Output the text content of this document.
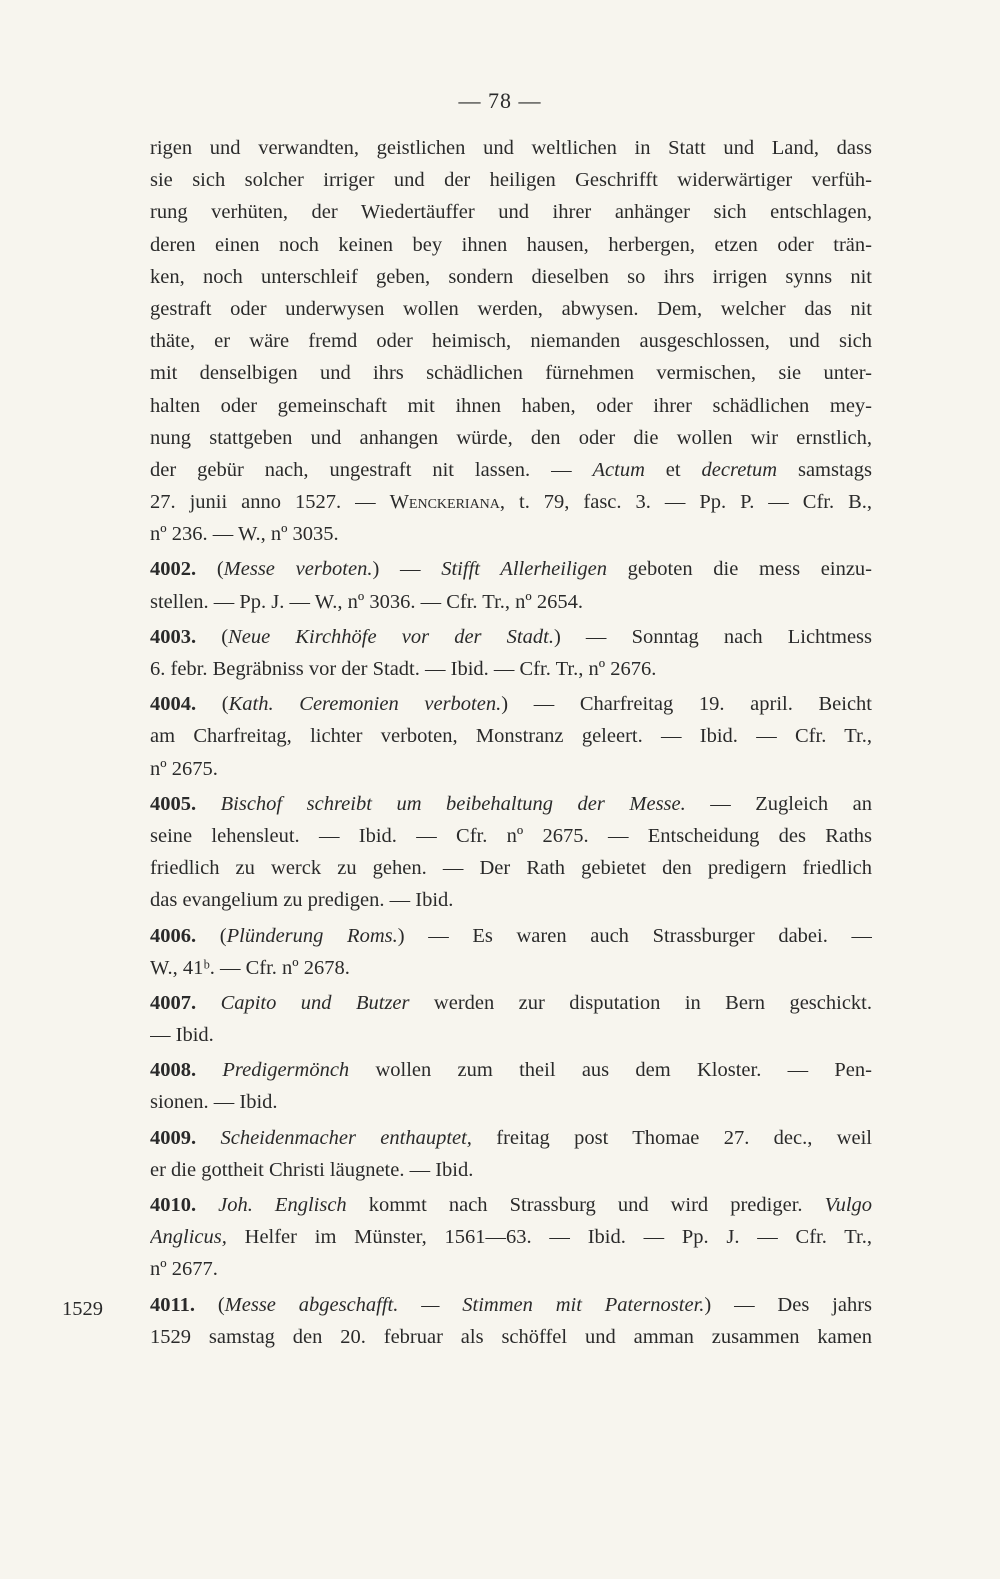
— 78 —
1529
rigen und verwandten, geistlichen und weltlichen in Statt und Land, dass
sie sich solcher irriger und der heiligen Geschrifft widerwärtiger verfüh-
rung verhüten, der Wiedertäuffer und ihrer anhänger sich entschlagen,
deren einen noch keinen bey ihnen hausen, herbergen, etzen oder trän-
ken, noch unterschleif geben, sondern dieselben so ihrs irrigen synns nit
gestraft oder underwysen wollen werden, abwysen. Dem, welcher das nit
thäte, er wäre fremd oder heimisch, niemanden ausgeschlossen, und sich
mit denselbigen und ihrs schädlichen fürnehmen vermischen, sie unter-
halten oder gemeinschaft mit ihnen haben, oder ihrer schädlichen mey-
nung stattgeben und anhangen würde, den oder die wollen wir ernstlich,
der gebür nach, ungestraft nit lassen. — Actum et decretum samstags
27. junii anno 1527. — Wenckeriana, t. 79, fasc. 3. — Pp. P. — Cfr. B.,
nº 236. — W., nº 3035.
4002. (Messe verboten.) — Stifft Allerheiligen geboten die mess einzu-
stellen. — Pp. J. — W., nº 3036. — Cfr. Tr., nº 2654.
4003. (Neue Kirchhöfe vor der Stadt.) — Sonntag nach Lichtmess
6. febr. Begräbniss vor der Stadt. — Ibid. — Cfr. Tr., nº 2676.
4004. (Kath. Ceremonien verboten.) — Charfreitag 19. april. Beicht
am Charfreitag, lichter verboten, Monstranz geleert. — Ibid. — Cfr. Tr.,
nº 2675.
4005. Bischof schreibt um beibehaltung der Messe. — Zugleich an
seine lehensleut. — Ibid. — Cfr. nº 2675. — Entscheidung des Raths
friedlich zu werck zu gehen. — Der Rath gebietet den predigern friedlich
das evangelium zu predigen. — Ibid.
4006. (Plünderung Roms.) — Es waren auch Strassburger dabei. —
W., 41ᵇ. — Cfr. nº 2678.
4007. Capito und Butzer werden zur disputation in Bern geschickt.
— Ibid.
4008. Predigermönch wollen zum theil aus dem Kloster. — Pen-
sionen. — Ibid.
4009. Scheidenmacher enthauptet, freitag post Thomae 27. dec., weil
er die gottheit Christi läugnete. — Ibid.
4010. Joh. Englisch kommt nach Strassburg und wird prediger. Vulgo
Anglicus, Helfer im Münster, 1561—63. — Ibid. — Pp. J. — Cfr. Tr.,
nº 2677.
4011. (Messe abgeschafft. — Stimmen mit Paternoster.) — Des jahrs
1529 samstag den 20. februar als schöffel und amman zusammen kamen
